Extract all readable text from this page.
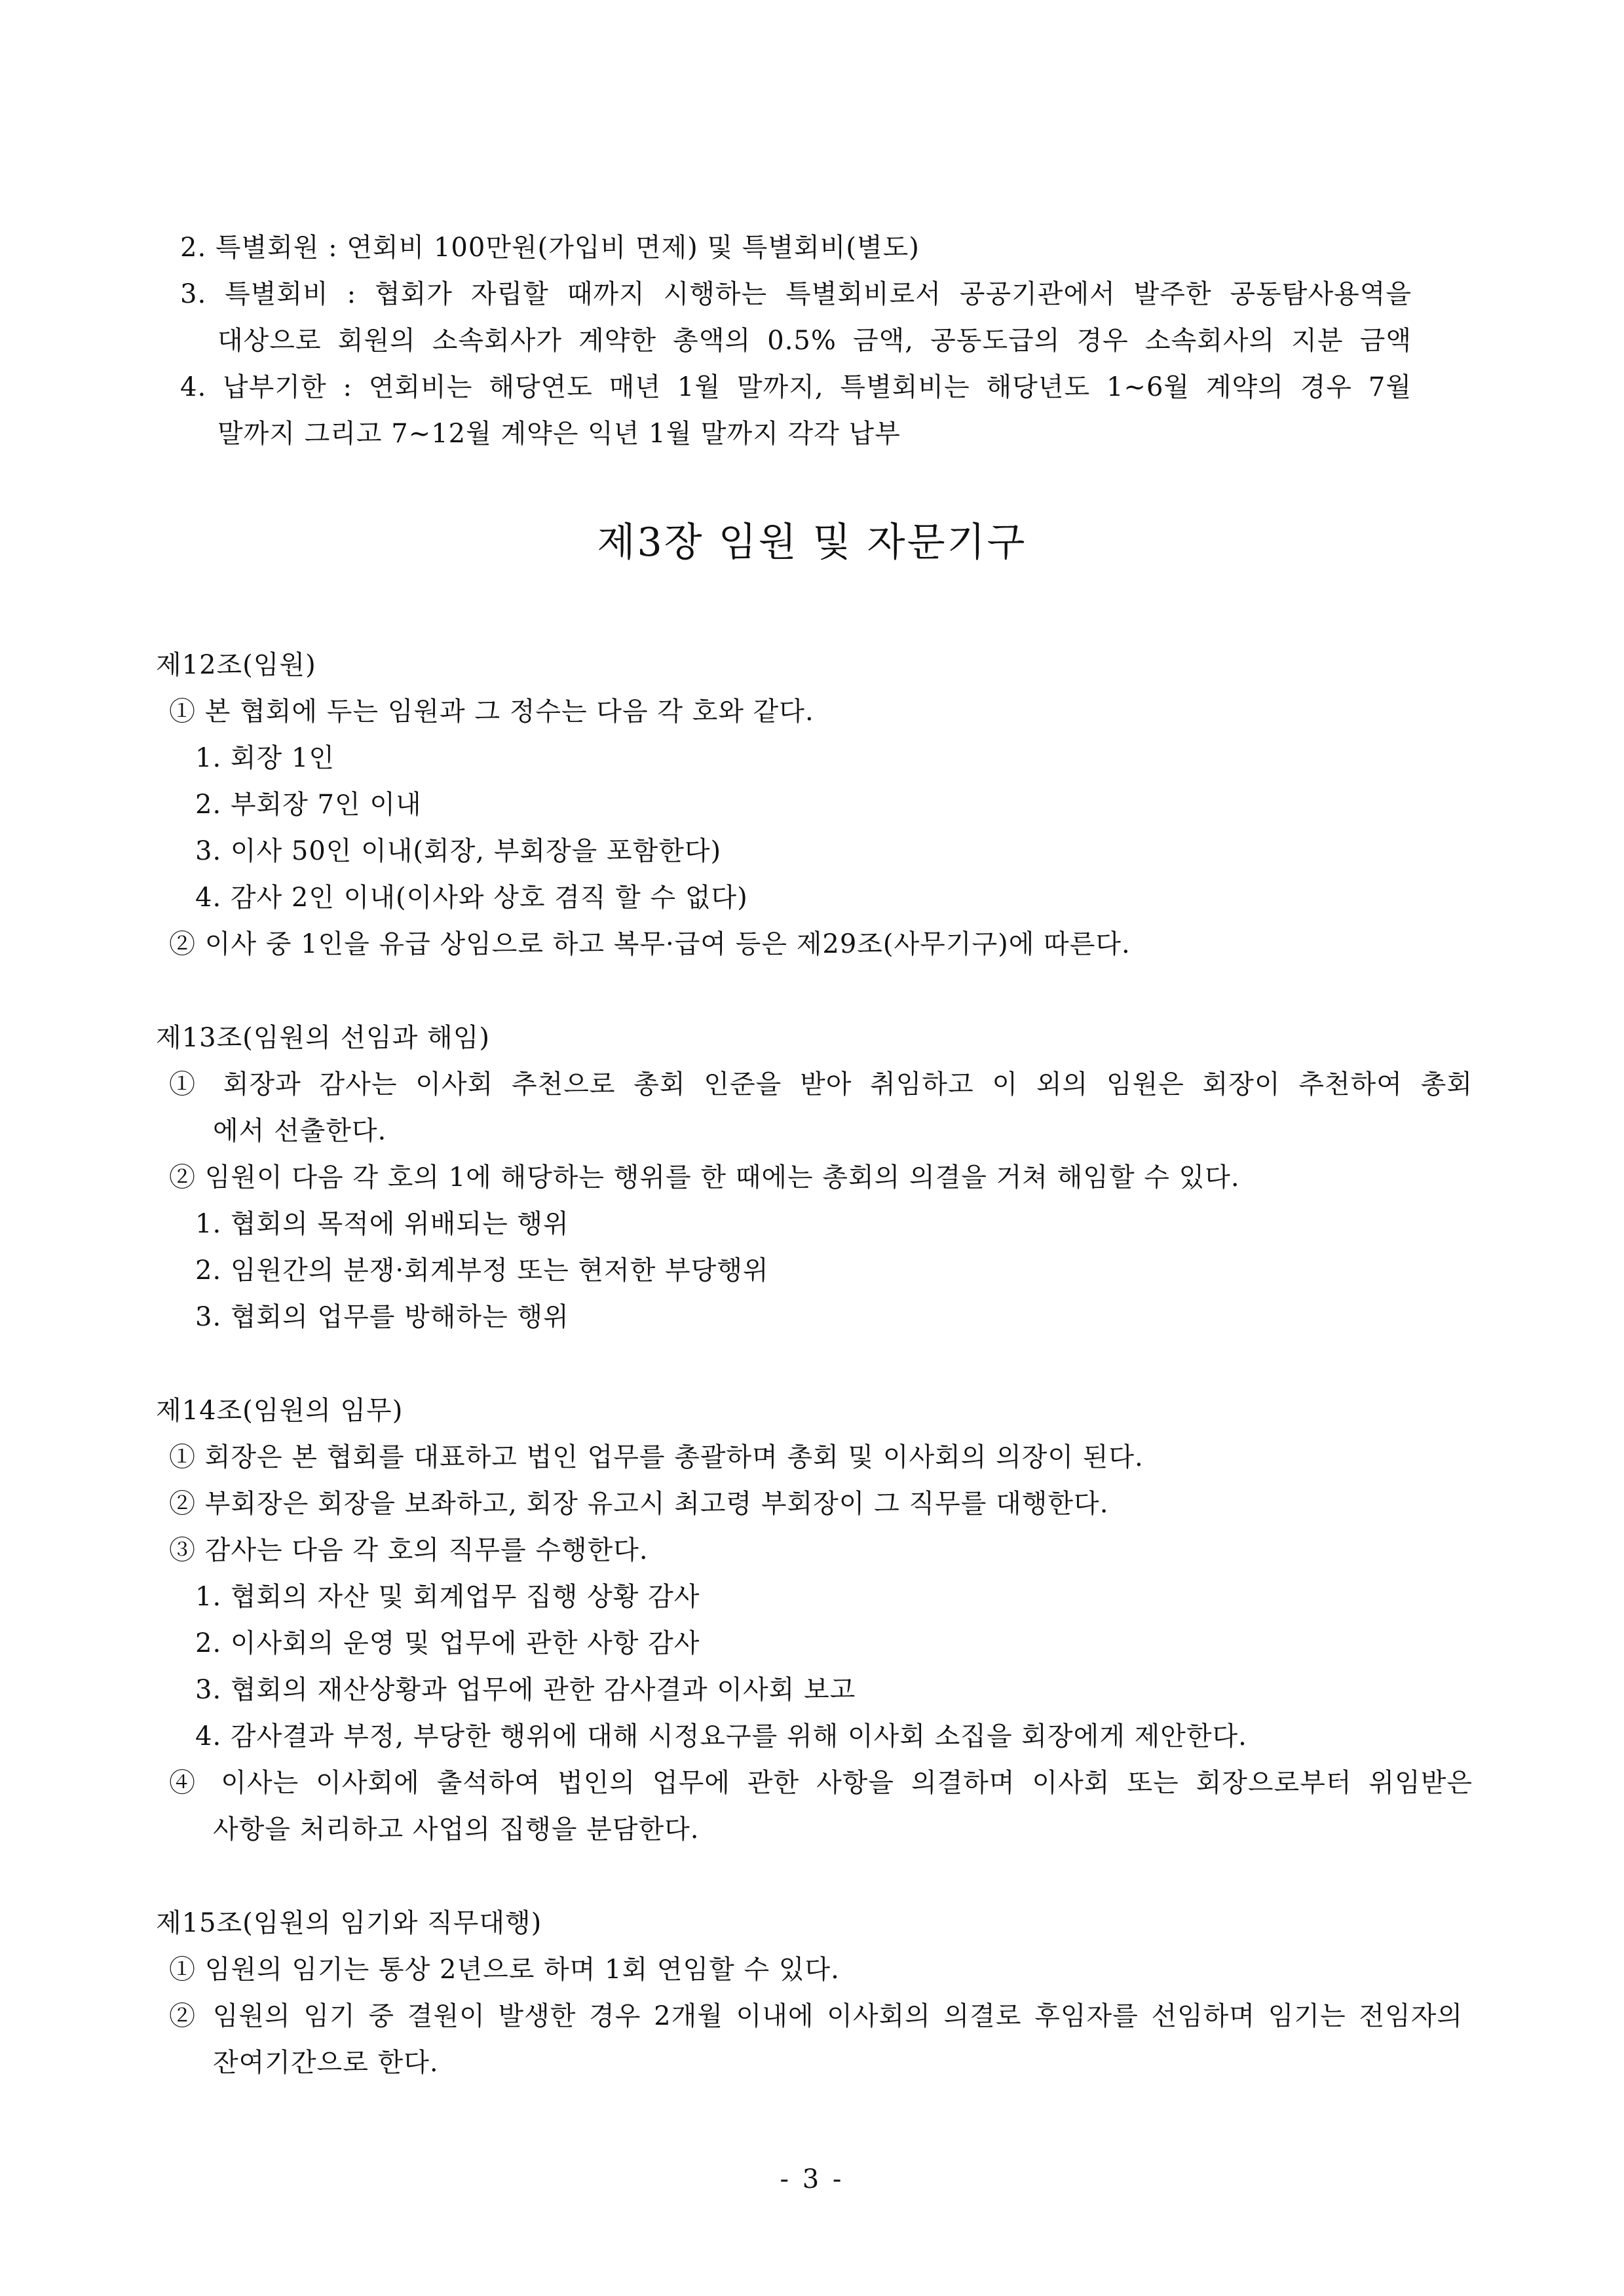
2. 특별회원 : 연회비 100만원(가입비 면제) 및 특별회비(별도)
3. 특별회비 : 협회가 자립할 때까지 시행하는 특별회비로서 공공기관에서 발주한 공동탐사용역을
대상으로 회원의 소속회사가 계약한 총액의 0.5% 금액, 공동도급의 경우 소속회사의 지분 금액
4. 납부기한 : 연회비는 해당연도 매년 1월 말까지, 특별회비는 해당년도 1~6월 계약의 경우 7월
말까지 그리고 7~12월 계약은 익년 1월 말까지 각각 납부
제3장 임원 및 자문기구
제12조(임원)
① 본 협회에 두는 임원과 그 정수는 다음 각 호와 같다.
1. 회장 1인
2. 부회장 7인 이내
3. 이사 50인 이내(회장, 부회장을 포함한다)
4. 감사 2인 이내(이사와 상호 겸직 할 수 없다)
② 이사 중 1인을 유급 상임으로 하고 복무·급여 등은 제29조(사무기구)에 따른다.
제13조(임원의 선임과 해임)
① 회장과 감사는 이사회 추천으로 총회 인준을 받아 취임하고 이 외의 임원은 회장이 추천하여 총회
에서 선출한다.
② 임원이 다음 각 호의 1에 해당하는 행위를 한 때에는 총회의 의결을 거쳐 해임할 수 있다.
1. 협회의 목적에 위배되는 행위
2. 임원간의 분쟁·회계부정 또는 현저한 부당행위
3. 협회의 업무를 방해하는 행위
제14조(임원의 임무)
① 회장은 본 협회를 대표하고 법인 업무를 총괄하며 총회 및 이사회의 의장이 된다.
② 부회장은 회장을 보좌하고, 회장 유고시 최고령 부회장이 그 직무를 대행한다.
③ 감사는 다음 각 호의 직무를 수행한다.
1. 협회의 자산 및 회계업무 집행 상황 감사
2. 이사회의 운영 및 업무에 관한 사항 감사
3. 협회의 재산상황과 업무에 관한 감사결과 이사회 보고
4. 감사결과 부정, 부당한 행위에 대해 시정요구를 위해 이사회 소집을 회장에게 제안한다.
④ 이사는 이사회에 출석하여 법인의 업무에 관한 사항을 의결하며 이사회 또는 회장으로부터 위임받은
사항을 처리하고 사업의 집행을 분담한다.
제15조(임원의 임기와 직무대행)
① 임원의 임기는 통상 2년으로 하며 1회 연임할 수 있다.
② 임원의 임기 중 결원이 발생한 경우 2개월 이내에 이사회의 의결로 후임자를 선임하며 임기는 전임자의
잔여기간으로 한다.
- 3 -
